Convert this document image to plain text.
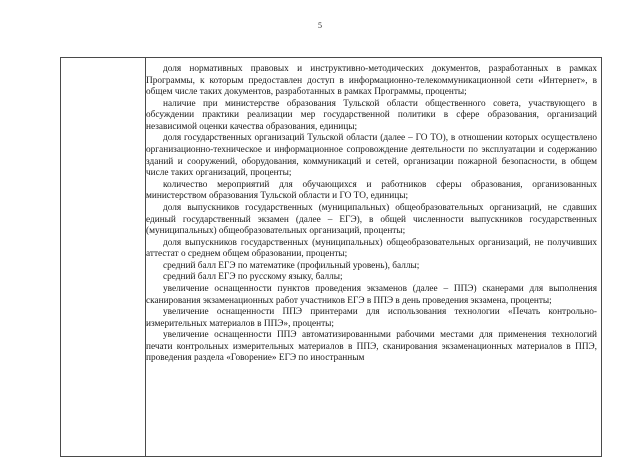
5

доля нормативных правовых и инструктивно-методических документов, разработанных в рамках Программы, к которым предоставлен доступ в информационно-телекоммуникационной сети «Интернет», в общем числе таких документов, разработанных в рамках Программы, проценты;

наличие при министерстве образования Тульской области общественного совета, участвующего в обсуждении практики реализации мер государственной политики в сфере образования, организаций независимой оценки качества образования, единицы;

доля государственных организаций Тульской области (далее – ГО ТО), в отношении которых осуществлено организационно-техническое и информационное сопровождение деятельности по эксплуатации и содержанию зданий и сооружений, оборудования, коммуникаций и сетей, организации пожарной безопасности, в общем числе таких организаций, проценты;

количество мероприятий для обучающихся и работников сферы образования, организованных министерством образования Тульской области и ГО ТО, единицы;

доля выпускников государственных (муниципальных) общеобразовательных организаций, не сдавших единый государственный экзамен (далее – ЕГЭ), в общей численности выпускников государственных (муниципальных) общеобразовательных организаций, проценты;

доля выпускников государственных (муниципальных) общеобразовательных организаций, не получивших аттестат о среднем общем образовании, проценты;

средний балл ЕГЭ по математике (профильный уровень), баллы;

средний балл ЕГЭ по русскому языку, баллы;

увеличение оснащенности пунктов проведения экзаменов (далее – ППЭ) сканерами для выполнения сканирования экзаменационных работ участников ЕГЭ в ППЭ в день проведения экзамена, проценты;

увеличение оснащенности ППЭ принтерами для использования технологии «Печать контрольно-измерительных материалов в ППЭ», проценты;

увеличение оснащенности ППЭ автоматизированными рабочими местами для применения технологий печати контрольных измерительных материалов в ППЭ, сканирования экзаменационных материалов в ППЭ, проведения раздела «Говорение» ЕГЭ по иностранным
